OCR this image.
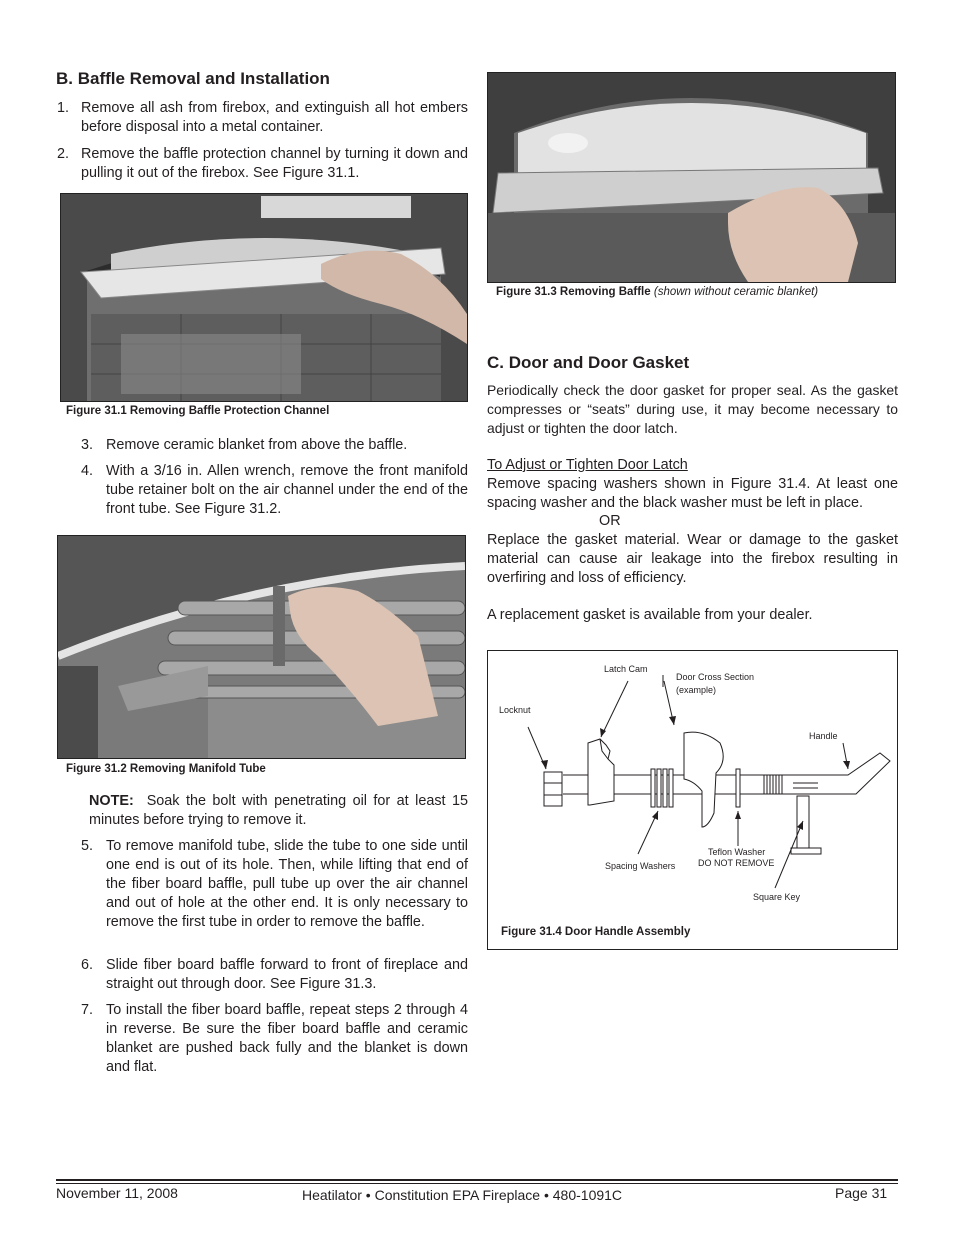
B. Baffle Removal and Installation
1. Remove all ash from firebox, and extinguish all hot embers before disposal into a metal container.
2. Remove the baffle protection channel by turning it down and pulling it out of the firebox. See Figure 31.1.
Figure 31.1 Removing Baffle Protection Channel
3. Remove ceramic blanket from above the baffle.
4. With a 3/16 in. Allen wrench, remove the front manifold tube retainer bolt on the air channel under the end of the front tube. See Figure 31.2.
Figure 31.2 Removing Manifold Tube
NOTE: Soak the bolt with penetrating oil for at least 15 minutes before trying to remove it.
5. To remove manifold tube, slide the tube to one side until one end is out of its hole. Then, while lifting that end of the fiber board baffle, pull tube up over the air channel and out of hole at the other end. It is only necessary to remove the first tube in order to remove the baffle.
6. Slide fiber board baffle forward to front of fireplace and straight out through door. See Figure 31.3.
7. To install the fiber board baffle, repeat steps 2 through 4 in reverse. Be sure the fiber board baffle and ceramic blanket are pushed back fully and the blanket is down and flat.
Figure 31.3 Removing Baffle (shown without ceramic blanket)
C. Door and Door Gasket
Periodically check the door gasket for proper seal. As the gasket compresses or “seats” during use, it may become necessary to adjust or tighten the door latch.
To Adjust or Tighten Door Latch
Remove spacing washers shown in Figure 31.4. At least one spacing washer and the black washer must be left in place.
OR
Replace the gasket material. Wear or damage to the gasket material can cause air leakage into the firebox resulting in overfiring and loss of efficiency.
A replacement gasket is available from your dealer.
Latch Cam
Door Cross Section
(example)
Locknut
Handle
Teflon Washer
DO NOT REMOVE
Spacing Washers
Square Key
Figure 31.4 Door Handle Assembly
November 11, 2008	Heatilator • Constitution EPA Fireplace • 480-1091C	Page 31
